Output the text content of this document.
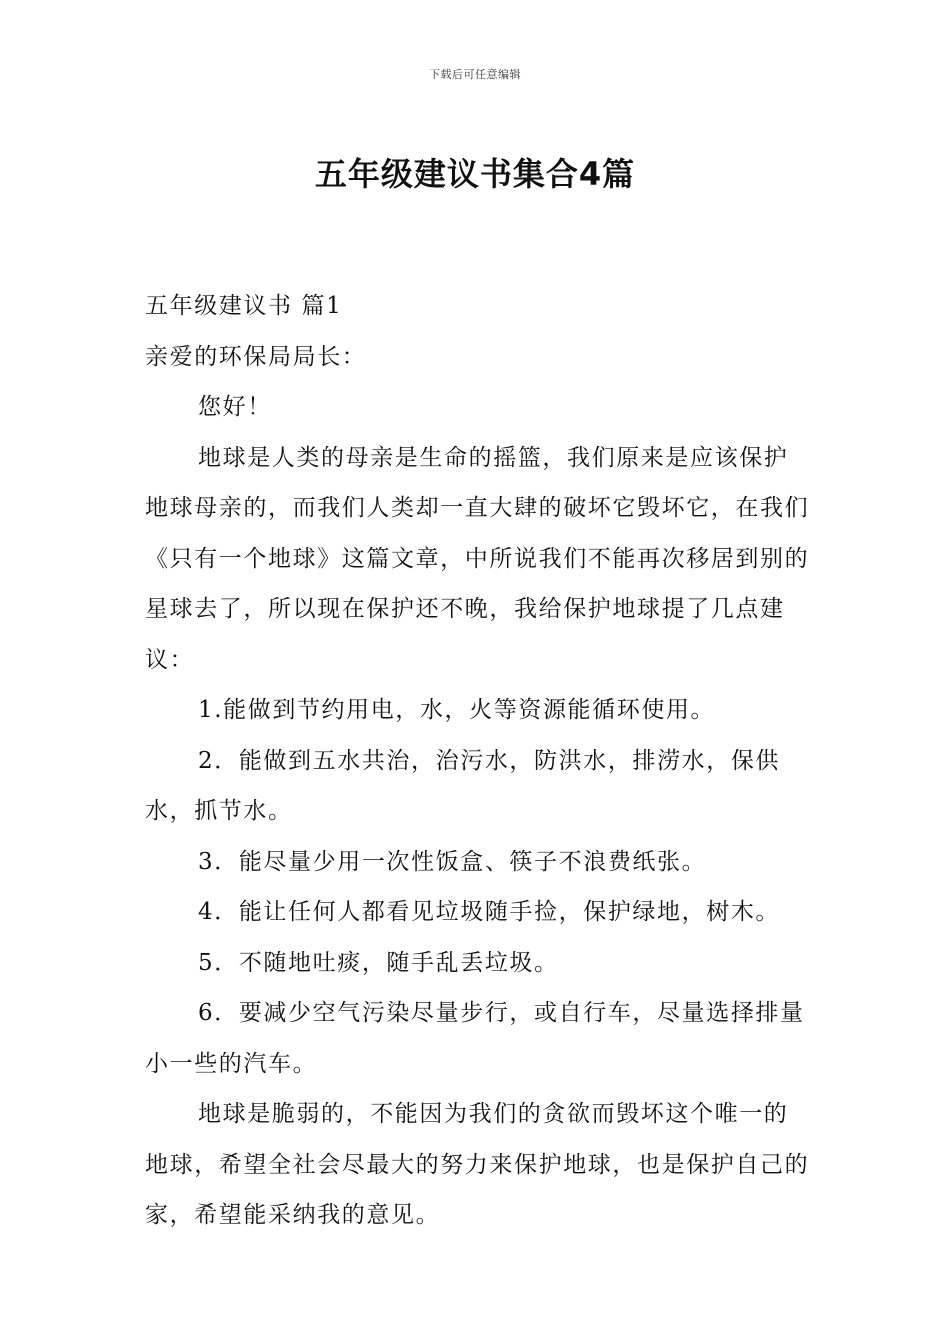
下载后可任意编辑
五年级建议书集合4篇

五年级建议书 篇1

亲爱的环保局局长：

您好！

地球是人类的母亲是生命的摇篮，我们原来是应该保护地球母亲的，而我们人类却一直大肆的破坏它毁坏它，在我们《只有一个地球》这篇文章，中所说我们不能再次移居到别的星球去了，所以现在保护还不晚，我给保护地球提了几点建议：

1.能做到节约用电，水，火等资源能循环使用。

2．能做到五水共治，治污水，防洪水，排涝水，保供水，抓节水。

3．能尽量少用一次性饭盒、筷子不浪费纸张。

4．能让任何人都看见垃圾随手捡，保护绿地，树木。

5．不随地吐痰，随手乱丢垃圾。

6．要减少空气污染尽量步行，或自行车，尽量选择排量小一些的汽车。

地球是脆弱的，不能因为我们的贪欲而毁坏这个唯一的地球，希望全社会尽最大的努力来保护地球，也是保护自己的家，希望能采纳我的意见。
